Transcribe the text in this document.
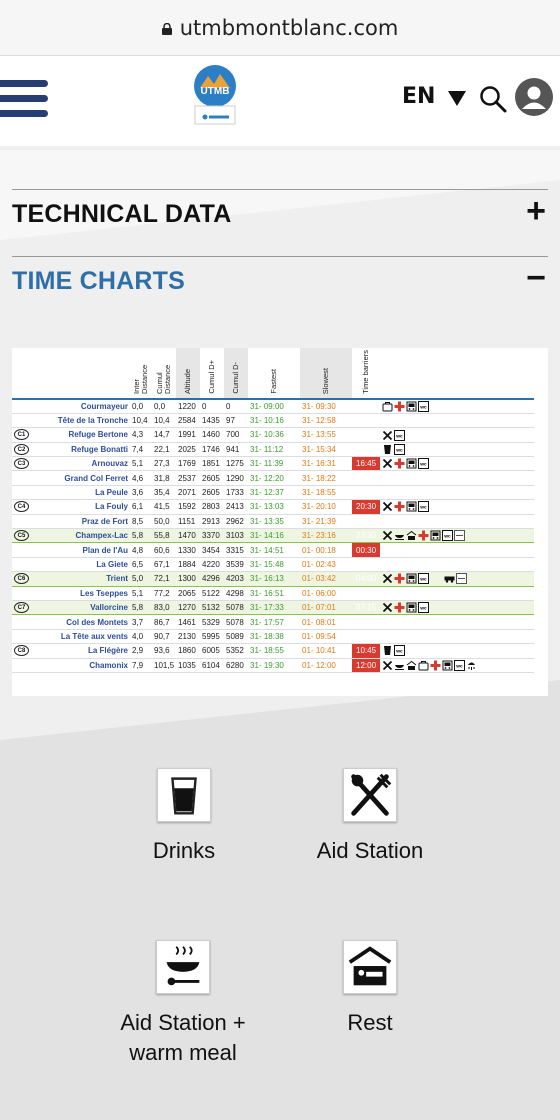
utmbmontblanc.com
UTMB	EN
TECHNICAL DATA	+
TIME CHARTS	−

		Inter Distance	Cumul Distance	Altitude	Cumul D+	Cumul D-	Fastest	Slowest	Time barriers	

	Courmayeur	0,0	0,0	1220	0	0	31- 09:00	31- 09:30		wc

	Tête de la Tronche	10,4	10,4	2584	1435	97	31- 10:16	31- 12:58		
C1	Refuge Bertone	4,3	14,7	1991	1460	700	31- 10:36	31- 13:55		wc

C2	Refuge Bonatti	7,4	22,1	2025	1746	941	31- 11:12	31- 15:34		wc

C3	Arnouvaz	5,1	27,3	1769	1851	1275	31- 11:39	31- 16:31	16:45	wc

	Grand Col Ferret	4,6	31,8	2537	2605	1290	31- 12:20	31- 18:22		
	La Peule	3,6	35,4	2071	2605	1733	31- 12:37	31- 18:55		
C4	La Fouly	6,1	41,5	1592	2803	2413	31- 13:03	31- 20:10	20:30	wc

	Praz de Fort	8,5	50,0	1151	2913	2962	31- 13:35	31- 21:39		
C5	Champex-Lac	5,8	55,8	1470	3370	3103	31- 14:16	31- 23:16	23:30	wc

	Plan de l'Au	4,8	60,6	1330	3454	3315	31- 14:51	01- 00:18	00:30	
	La Giete	6,5	67,1	1884	4220	3539	31- 15:48	01- 02:43		
C6	Trient	5,0	72,1	1300	4296	4203	31- 16:13	01- 03:42	04:00	wc

	Les Tseppes	5,1	77,2	2065	5122	4298	31- 16:51	01- 06:00		
C7	Vallorcine	5,8	83,0	1270	5132	5078	31- 17:33	01- 07:01	07:15	wc

	Col des Montets	3,7	86,7	1461	5329	5078	31- 17:57	01- 08:01		
	La Tête aux vents	4,0	90,7	2130	5995	5089	31- 18:38	01- 09:54		
C8	La Flégère	2,9	93,6	1860	6005	5352	31- 18:55	01- 10:41	10:45	wc

	Chamonix	7,9	101,5	1035	6104	6280	31- 19:30	01- 12:00	12:00	wc
Drinks	Aid Station
Aid Station + warm meal
Rest
